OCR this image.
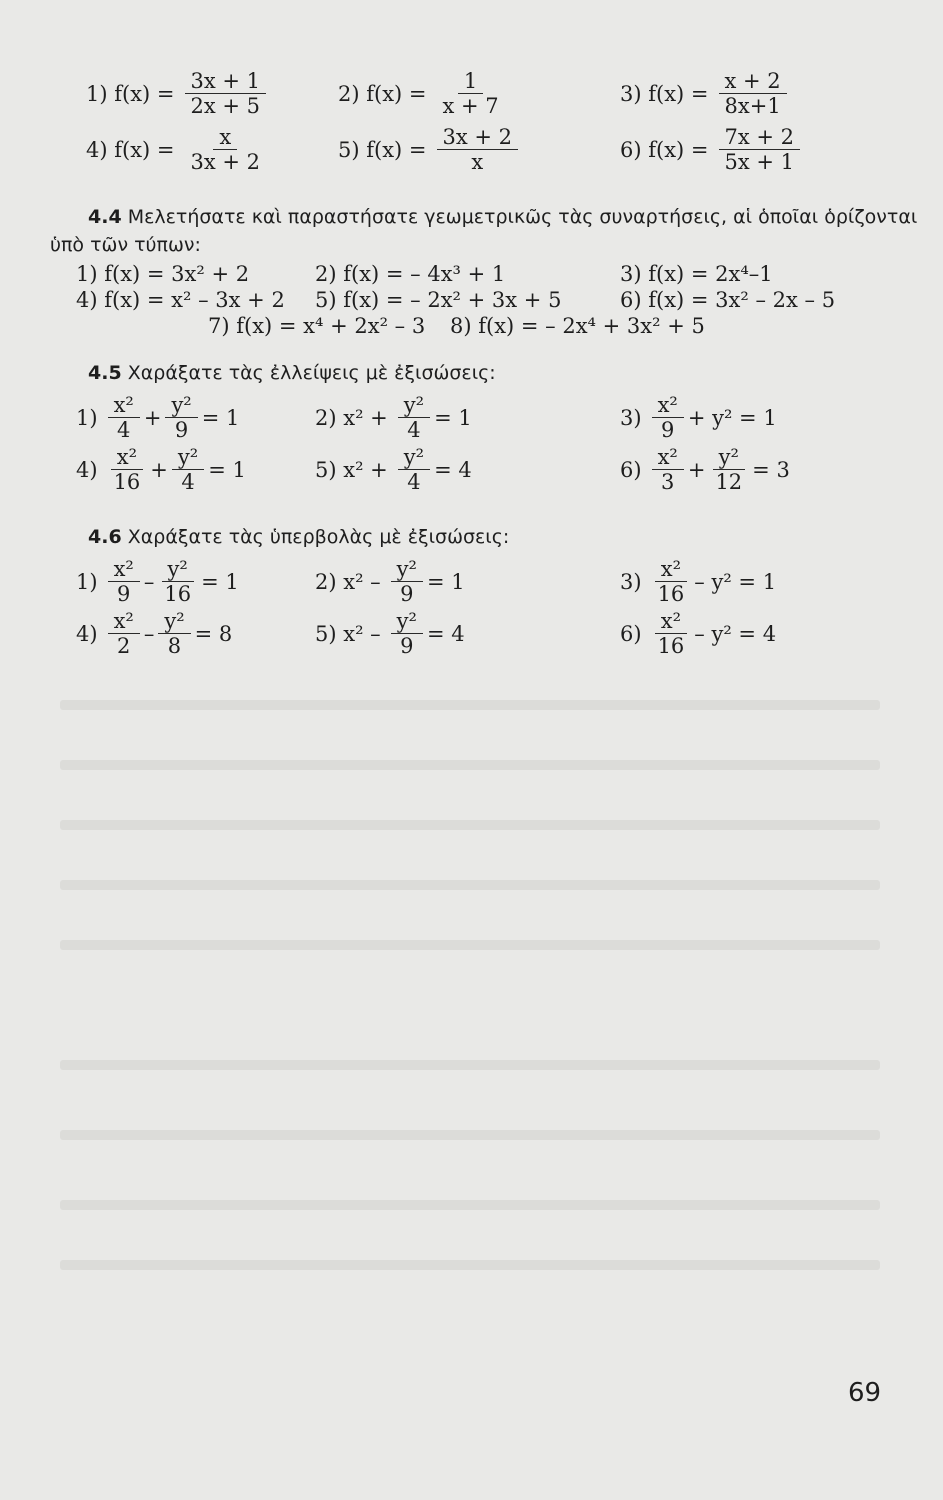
1) $f(x) = \frac{3x + 1}{2x + 5}$	2) $f(x) = \frac{1}{x + 7}$	3) $f(x) = \frac{x + 2}{8x+1}$
4) $f(x) = \frac{x}{3x + 2}$	5) $f(x) = \frac{3x + 2}{x}$	6) $f(x) = \frac{7x + 2}{5x + 1}$
4.4 Μελετήσατε καὶ παραστήσατε γεωμετρικῶς τὰς συναρτήσεις, αἱ ὁποῖαι ὁρίζονται
ὑπὸ τῶν τύπων:
1) f(x) = 3x² + 2	2) f(x) = – 4x³ + 1	3) f(x) = 2x⁴–1
4) f(x) = x² – 3x + 2 5) f(x) = – 2x² + 3x + 5	6) f(x) = 3x² – 2x – 5
7) f(x) = x⁴ + 2x² – 3 8) f(x) = – 2x⁴ + 3x² + 5
4.5 Χαράξατε τὰς ἐλλείψεις μὲ ἐξισώσεις:
$1) \frac{\text{x²}}{4} + \frac{\text{y²}}{9} = 1$	2) $x^2 + \frac{\text{y²}}{4} = 1$	$3) \frac{\text{x²}}{9} + y^2 = 1$
$4) \frac{\text{x²}}{16} + \frac{\text{y²}}{4} = 1$	5) $x^2 + \frac{\text{y²}}{4} = 4$	$6) \frac{\text{x²}}{3} + \frac{\text{y²}}{12} = 3$
4.6 Χαράξατε τὰς ὑπερβολὰς μὲ ἐξισώσεις:
$1) \frac{\text{x²}}{9} - \frac{\text{y²}}{16} = 1$	2) $x^2 - \frac{\text{y²}}{9} = 1$	$3) \frac{\text{x²}}{16} - y^2 = 1$
$4) \frac{\text{x²}}{2} - \frac{\text{y²}}{8} = 8$	5) $x^2 - \frac{\text{y²}}{9} = 4$	$6) \frac{\text{x²}}{16} - y^2 = 4$
69
